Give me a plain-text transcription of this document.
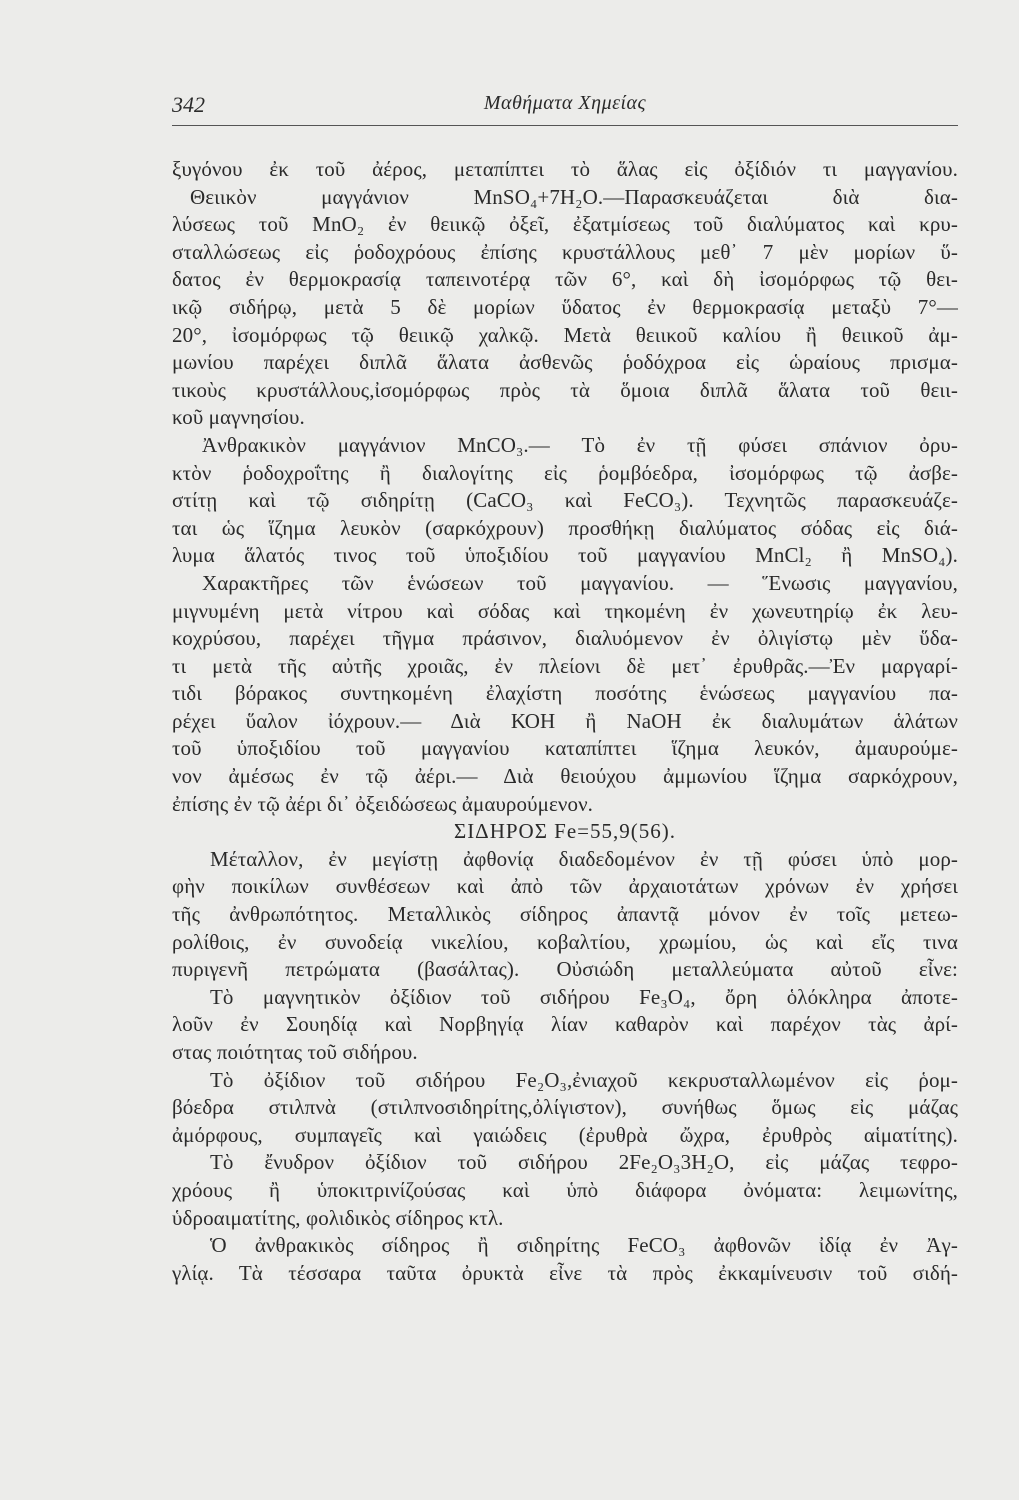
342	Μαθήματα Χημείας
ξυγόνου ἐκ τοῦ ἀέρος, μεταπίπτει τὸ ἅλας εἰς ὀξίδιόν τι μαγγανίου.
Θειικὸν μαγγάνιον MnSO₄+7H₂O.—Παρασκευάζεται διὰ δια-
λύσεως τοῦ MnO₂ ἐν θειικῷ ὀξεῖ, ἐξατμίσεως τοῦ διαλύματος καὶ κρυ-
σταλλώσεως εἰς ῥοδοχρόους ἐπίσης κρυστάλλους μεθ᾽ 7 μὲν μορίων ὕ-
δατος ἐν θερμοκρασίᾳ ταπεινοτέρᾳ τῶν 6°, καὶ δὴ ἰσομόρφως τῷ θει-
ικῷ σιδήρῳ, μετὰ 5 δὲ μορίων ὕδατος ἐν θερμοκρασίᾳ μεταξὺ 7°—
20°, ἰσομόρφως τῷ θειικῷ χαλκῷ. Μετὰ θειικοῦ καλίου ἢ θειικοῦ ἀμ-
μωνίου παρέχει διπλᾶ ἅλατα ἀσθενῶς ῥοδόχροα εἰς ὡραίους πρισμα-
τικοὺς κρυστάλλους,ἰσομόρφως πρὸς τὰ ὅμοια διπλᾶ ἅλατα τοῦ θειι-
κοῦ μαγνησίου.
Ἀνθρακικὸν μαγγάνιον MnCO₃.— Τὸ ἐν τῇ φύσει σπάνιον ὀρυ-
κτὸν ῥοδοχροΐτης ἢ διαλογίτης εἰς ῥομβόεδρα, ἰσομόρφως τῷ ἀσβε-
στίτῃ καὶ τῷ σιδηρίτῃ (CaCO₃ καὶ FeCO₃). Τεχνητῶς παρασκευάζε-
ται ὡς ἵζημα λευκὸν (σαρκόχρουν) προσθήκῃ διαλύματος σόδας εἰς διά-
λυμα ἅλατός τινος τοῦ ὑποξιδίου τοῦ μαγγανίου MnCl₂ ἢ MnSO₄).
Χαρακτῆρες τῶν ἑνώσεων τοῦ μαγγανίου. — Ἕνωσις μαγγανίου,
μιγνυμένη μετὰ νίτρου καὶ σόδας καὶ τηκομένη ἐν χωνευτηρίῳ ἐκ λευ-
κοχρύσου, παρέχει τῆγμα πράσινον, διαλυόμενον ἐν ὀλιγίστῳ μὲν ὕδα-
τι μετὰ τῆς αὐτῆς χροιᾶς, ἐν πλείονι δὲ μετ᾽ ἐρυθρᾶς.—Ἐν μαργαρί-
τιδι βόρακος συντηκομένη ἐλαχίστη ποσότης ἑνώσεως μαγγανίου πα-
ρέχει ὕαλον ἰόχρουν.— Διὰ ΚΟΗ ἢ NaOH ἐκ διαλυμάτων ἁλάτων
τοῦ ὑποξιδίου τοῦ μαγγανίου καταπίπτει ἵζημα λευκόν, ἀμαυρούμε-
νον ἀμέσως ἐν τῷ ἀέρι.— Διὰ θειούχου ἀμμωνίου ἵζημα σαρκόχρουν,
ἐπίσης ἐν τῷ ἀέρι δι᾽ ὀξειδώσεως ἀμαυρούμενον.
ΣΙΔΗΡΟΣ Fe=55,9(56).
Μέταλλον, ἐν μεγίστῃ ἀφθονίᾳ διαδεδομένον ἐν τῇ φύσει ὑπὸ μορ-
φὴν ποικίλων συνθέσεων καὶ ἀπὸ τῶν ἀρχαιοτάτων χρόνων ἐν χρήσει
τῆς ἀνθρωπότητος. Μεταλλικὸς σίδηρος ἀπαντᾷ μόνον ἐν τοῖς μετεω-
ρολίθοις, ἐν συνοδείᾳ νικελίου, κοβαλτίου, χρωμίου, ὡς καὶ εἴς τινα
πυριγενῆ πετρώματα (βασάλτας). Οὐσιώδη μεταλλεύματα αὐτοῦ εἶνε:
Τὸ μαγνητικὸν ὀξίδιον τοῦ σιδήρου Fe₃O₄, ὄρη ὁλόκληρα ἀποτε-
λοῦν ἐν Σουηδίᾳ καὶ Νορβηγίᾳ λίαν καθαρὸν καὶ παρέχον τὰς ἀρί-
στας ποιότητας τοῦ σιδήρου.
Τὸ ὀξίδιον τοῦ σιδήρου Fe₂O₃,ἐνιαχοῦ κεκρυσταλλωμένον εἰς ῥομ-
βόεδρα στιλπνὰ (στιλπνοσιδηρίτης,ὀλίγιστον), συνήθως ὅμως εἰς μάζας
ἀμόρφους, συμπαγεῖς καὶ γαιώδεις (ἐρυθρὰ ὤχρα, ἐρυθρὸς αἱματίτης).
Τὸ ἔνυδρον ὀξίδιον τοῦ σιδήρου 2Fe₂O₃3H₂O, εἰς μάζας τεφρο-
χρόους ἢ ὑποκιτρινίζούσας καὶ ὑπὸ διάφορα ὀνόματα: λειμωνίτης,
ὑδροαιματίτης, φολιδικὸς σίδηρος κτλ.
Ὁ ἀνθρακικὸς σίδηρος ἢ σιδηρίτης FeCO₃ ἀφθονῶν ἰδίᾳ ἐν Ἀγ-
γλίᾳ. Τὰ τέσσαρα ταῦτα ὀρυκτὰ εἶνε τὰ πρὸς ἐκκαμίνευσιν τοῦ σιδή-
